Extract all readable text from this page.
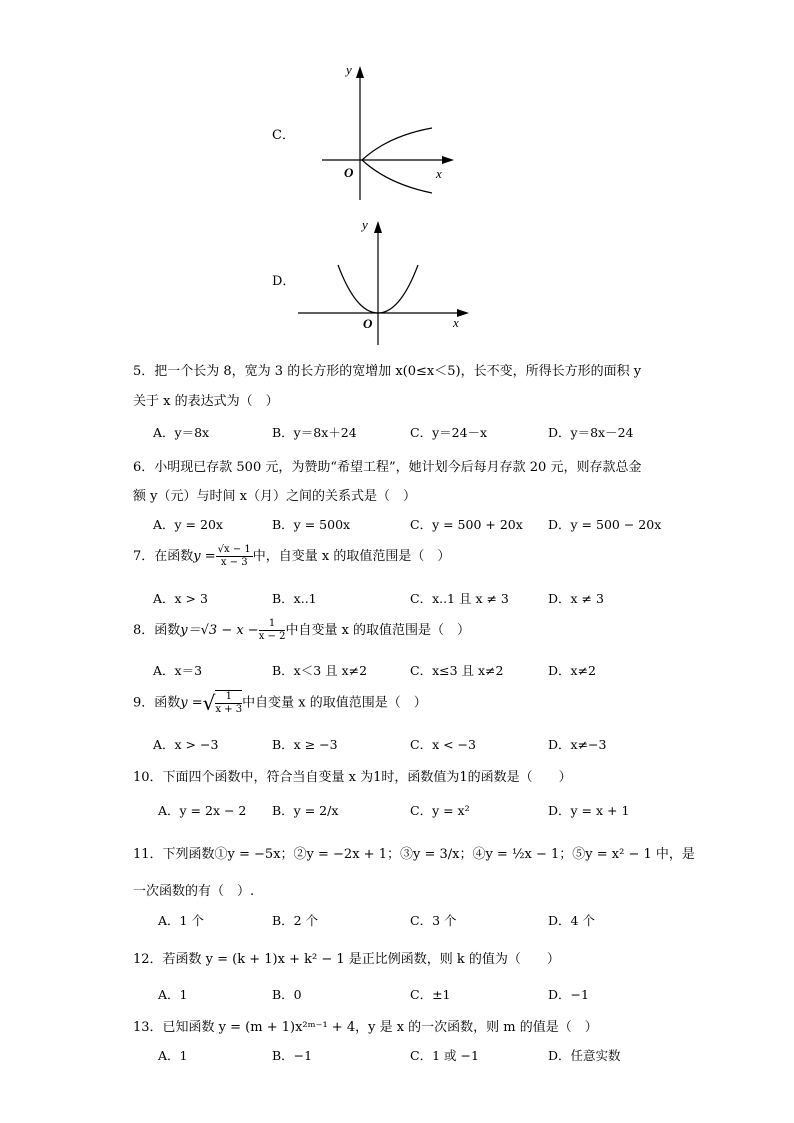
C．
y
x
O
D．
y
x
O
5．把一个长为 8，宽为 3 的长方形的宽增加 x(0≤x＜5)，长不变，所得长方形的面积 y
关于 x 的表达式为（　）
A．y＝8x	B．y＝8x＋24	C．y＝24－x	D．y＝8x－24
6．小明现已存款 500 元，为赞助“希望工程”，她计划今后每月存款 20 元，则存款总金
额 y（元）与时间 x（月）之间的关系式是（　）
A．y = 20x	B．y = 500x	C．y = 500 + 20x D．y = 500 − 20x
7．在函数$y = \frac{√x - 1}{x - 3}$ 中，自变量 x 的取值范围是（　）
A．x > 3	B．x..1	C．x..1 且 x ≠ 3	D．x ≠ 3
8．函数$y=√3 - x - \frac{1}{x - 2}$ 中自变量 x 的取值范围是（　）
A．x＝3	B．x＜3 且 x≠2	C．x≤3 且 x≠2	D．x≠2
9．函数y =√ $\frac{1}{x + 3}$ 中自变量 x 的取值范围是（　）
A．x > −3	B．x ≥ −3	C．x < −3	D．x≠−3
10．下面四个函数中，符合当自变量 x 为1时，函数值为1的函数是（　　）
A．y = 2x − 2 B．y = 2/x	C．y = x²	D．y = x + 1
11．下列函数①y = −5x；②y = −2x + 1；③y = 3/x；④y = ½x − 1；⑤y = x² − 1 中，是
一次函数的有（　）.
A．1 个	B．2 个	C．3 个	D．4 个
12．若函数 y = (k + 1)x + k² − 1 是正比例函数，则 k 的值为（　　）
A．1	B．0	C．±1	D．−1
13．已知函数 y = (m + 1)x²ᵐ⁻¹ + 4，y 是 x 的一次函数，则 m 的值是（　）
A．1	B．−1	C．1 或 −1	D．任意实数
